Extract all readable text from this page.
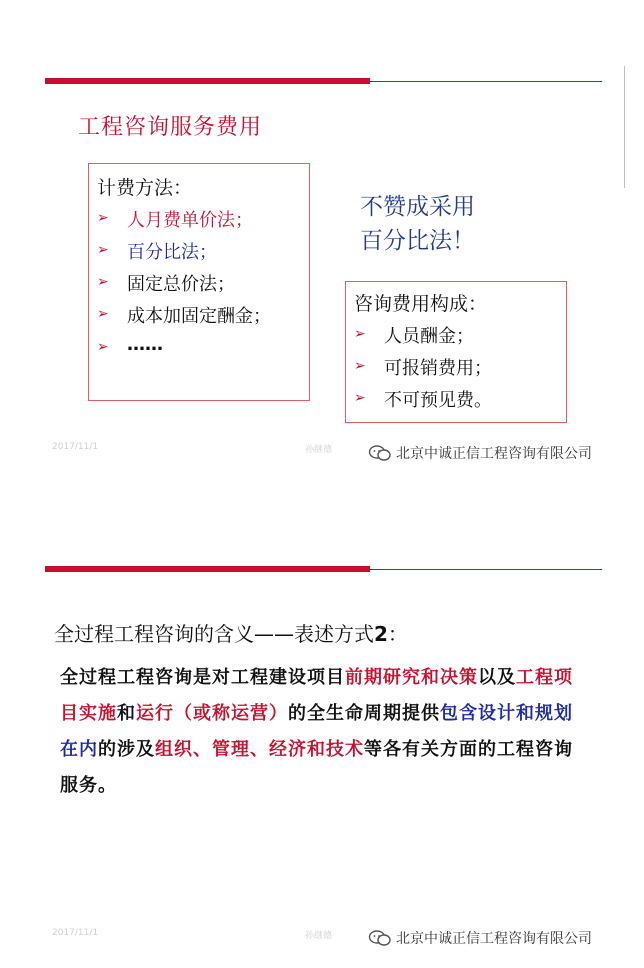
工程咨询服务费用
计费方法：
➢ 人月费单价法；
➢ 百分比法；
➢ 固定总价法；
➢ 成本加固定酬金；
➢ ……
不赞成采用
百分比法！
咨询费用构成：
➢ 人员酬金；
➢ 可报销费用；
➢ 不可预见费。
2017/11/1	孙继德	北京中诚正信工程咨询有限公司
全过程工程咨询的含义——表述方式2：
全过程工程咨询是对工程建设项目前期研究和决策以及工程项目实施和运行（或称运营）的全生命周期提供包含设计和规划在内的涉及组织、管理、经济和技术等各有关方面的工程咨询服务。
2017/11/1	孙继德	北京中诚正信工程咨询有限公司
